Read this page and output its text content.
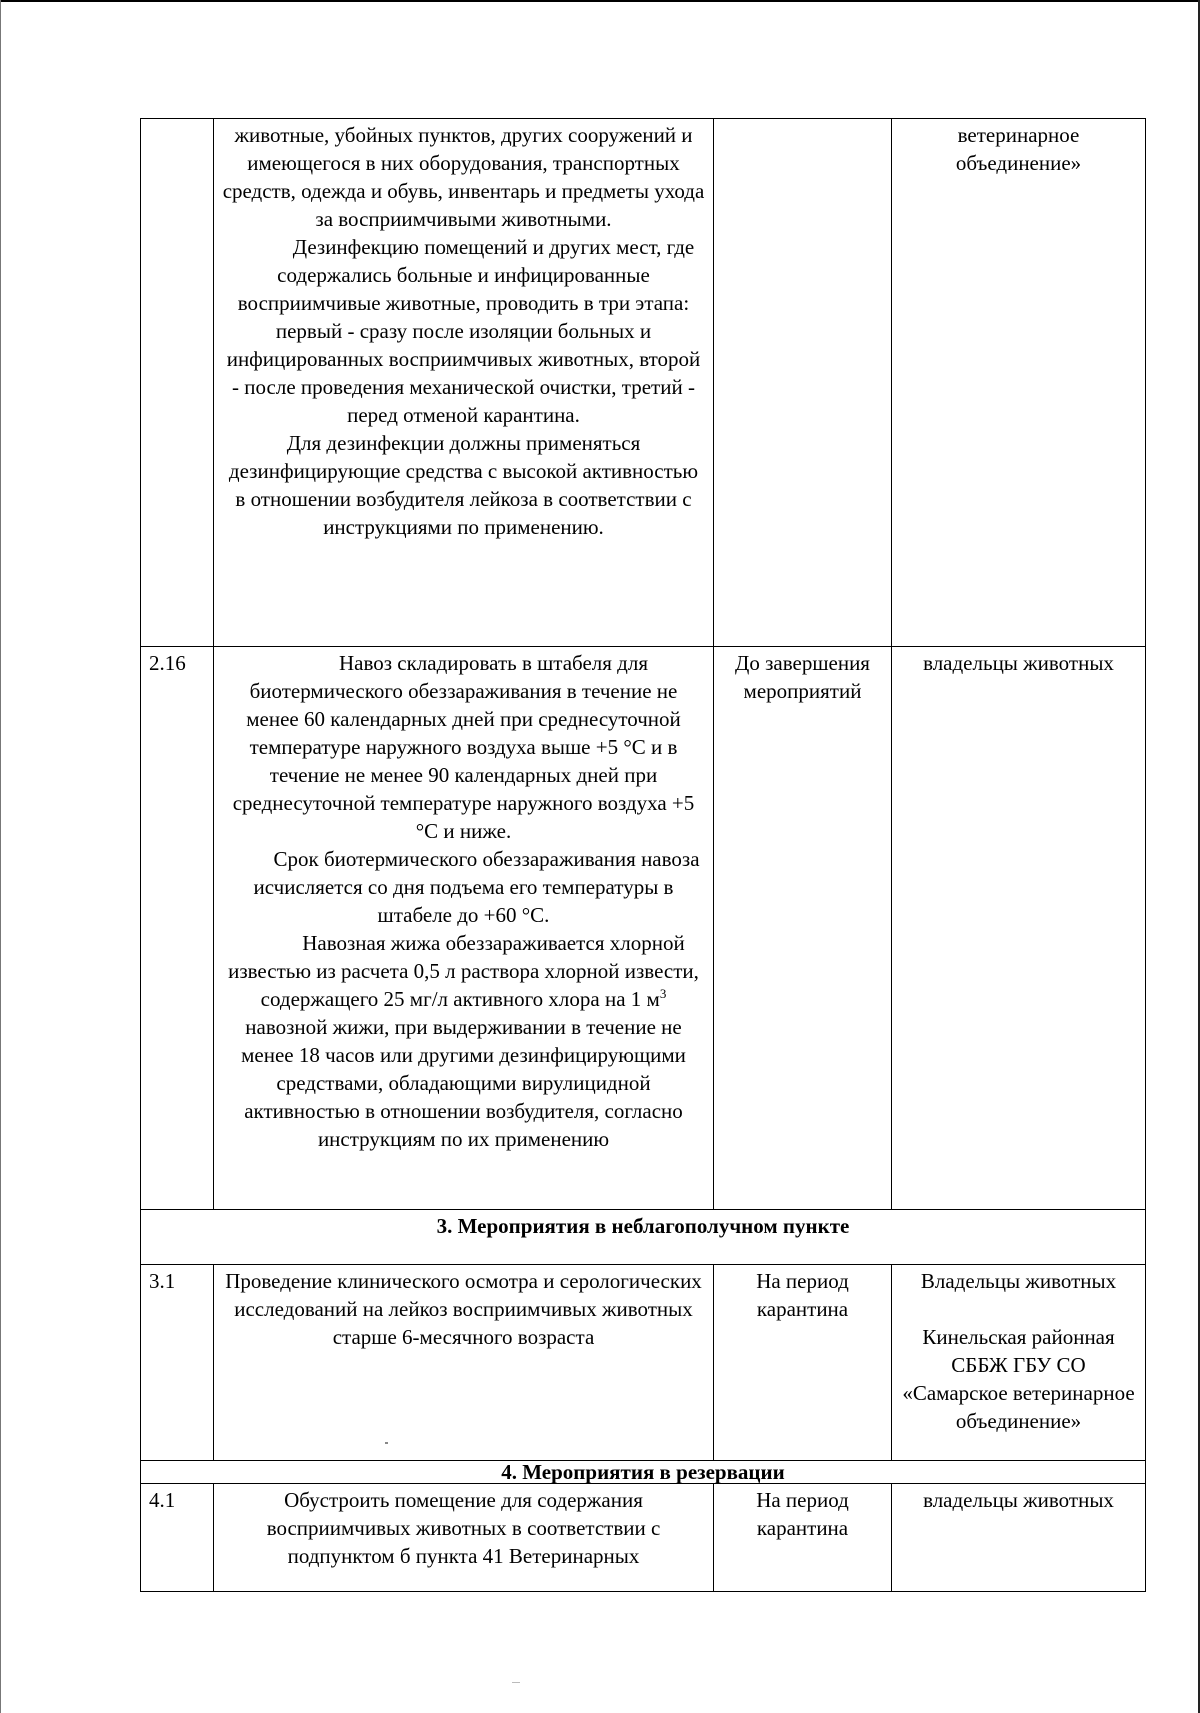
	животные, убойных пунктов, других сооружений и имеющегося в них оборудования, транспортных средств, одежда и обувь, инвентарь и предметы ухода за восприимчивыми животными.
Дезинфекцию помещений и других мест, где содержались больные и инфицированные восприимчивые животные, проводить в три этапа: первый - сразу после изоляции больных и инфицированных восприимчивых животных, второй - после проведения механической очистки, третий - перед отменой карантина.
Для дезинфекции должны применяться дезинфицирующие средства с высокой активностью в отношении возбудителя лейкоза в соответствии с инструкциями по применению.		ветеринарное объединение»
2.16	Навоз складировать в штабеля для биотермического обеззараживания в течение не менее 60 календарных дней при среднесуточной температуре наружного воздуха выше +5 °С и в течение не менее 90 календарных дней при среднесуточной температуре наружного воздуха +5 °С и ниже.
Срок биотермического обеззараживания навоза исчисляется со дня подъема его температуры в штабеле до +60 °С.
Навозная жижа обеззараживается хлорной известью из расчета 0,5 л раствора хлорной извести, содержащего 25 мг/л активного хлора на 1 $м^3$ навозной жижи, при выдерживании в течение не менее 18 часов или другими дезинфицирующими средствами, обладающими вирулицидной активностью в отношении возбудителя, согласно инструкциям по их применению	До завершения мероприятий	владельцы животных
3. Мероприятия в неблагополучном пункте			
3.1	Проведение клинического осмотра и серологических исследований на лейкоз восприимчивых животных старше 6-месячного возраста	На период карантина	Владельцы животных
Кинельская районная СББЖ ГБУ СО «Самарское ветеринарное объединение»

4. Мероприятия в резервации			
4.1	Обустроить помещение для содержания восприимчивых животных в соответствии с подпунктом б пункта 41 Ветеринарных	На период карантина	владельцы животных
